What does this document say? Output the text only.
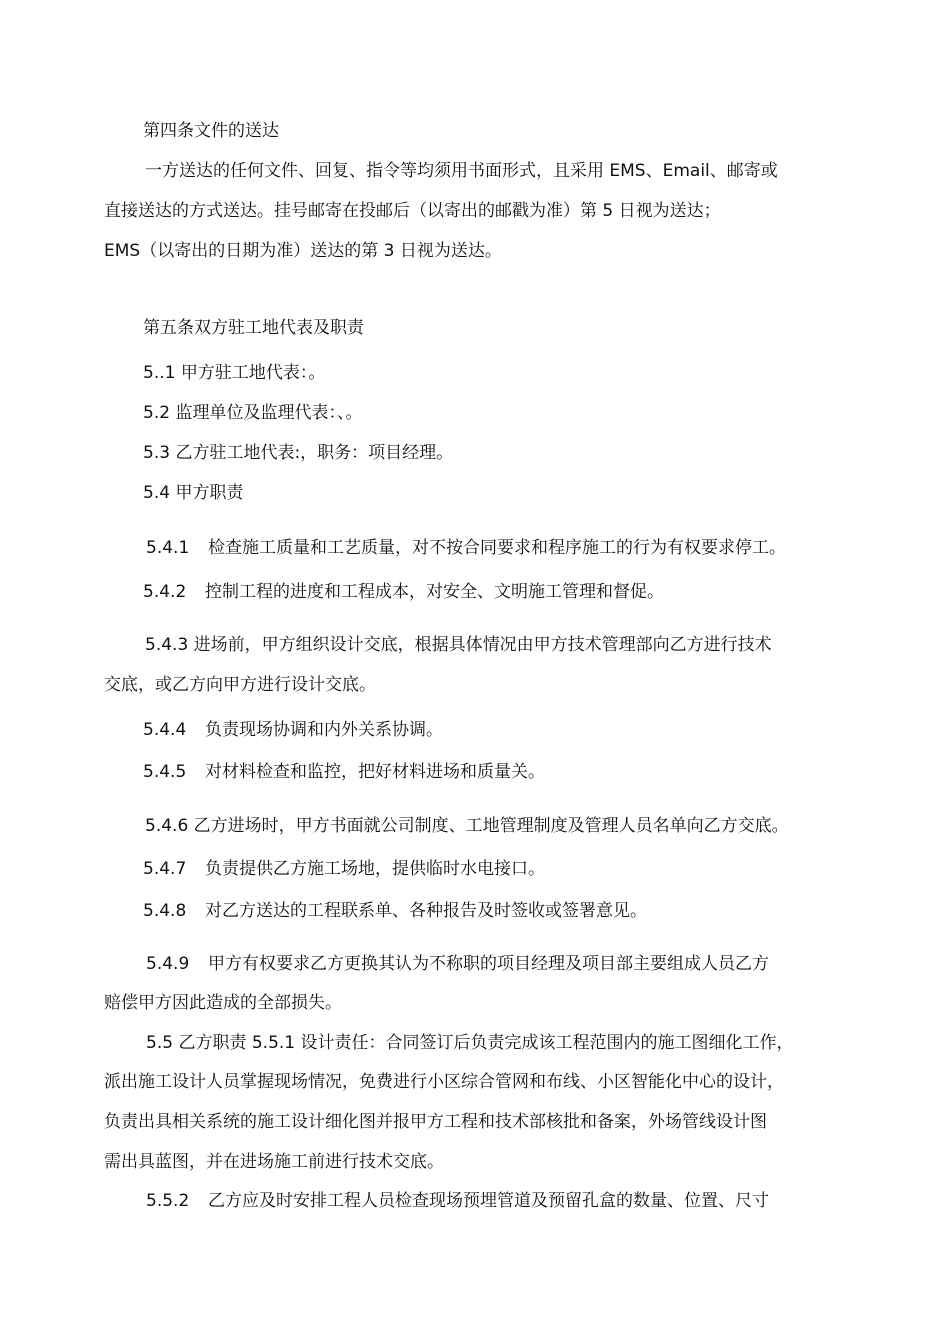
第四条文件的送达
一方送达的任何文件、回复、指令等均须用书面形式，且采用 EMS、Email、邮寄或
直接送达的方式送达。挂号邮寄在投邮后（以寄出的邮戳为准）第 5 日视为送达；
EMS（以寄出的日期为准）送达的第 3 日视为送达。
第五条双方驻工地代表及职责
5..1 甲方驻工地代表：。
5.2 监理单位及监理代表：、。
5.3 乙方驻工地代表:，职务：项目经理。
5.4 甲方职责
5.4.1 检查施工质量和工艺质量，对不按合同要求和程序施工的行为有权要求停工。
5.4.2 控制工程的进度和工程成本，对安全、文明施工管理和督促。
5.4.3 进场前，甲方组织设计交底，根据具体情况由甲方技术管理部向乙方进行技术
交底，或乙方向甲方进行设计交底。
5.4.4 负责现场协调和内外关系协调。
5.4.5 对材料检查和监控，把好材料进场和质量关。
5.4.6 乙方进场时，甲方书面就公司制度、工地管理制度及管理人员名单向乙方交底。
5.4.7 负责提供乙方施工场地，提供临时水电接口。
5.4.8 对乙方送达的工程联系单、各种报告及时签收或签署意见。
5.4.9 甲方有权要求乙方更换其认为不称职的项目经理及项目部主要组成人员乙方
赔偿甲方因此造成的全部损失。
5.5 乙方职责 5.5.1 设计责任：合同签订后负责完成该工程范围内的施工图细化工作，
派出施工设计人员掌握现场情况，免费进行小区综合管网和布线、小区智能化中心的设计，
负责出具相关系统的施工设计细化图并报甲方工程和技术部核批和备案，外场管线设计图
需出具蓝图，并在进场施工前进行技术交底。
5.5.2 乙方应及时安排工程人员检查现场预埋管道及预留孔盒的数量、位置、尺寸
